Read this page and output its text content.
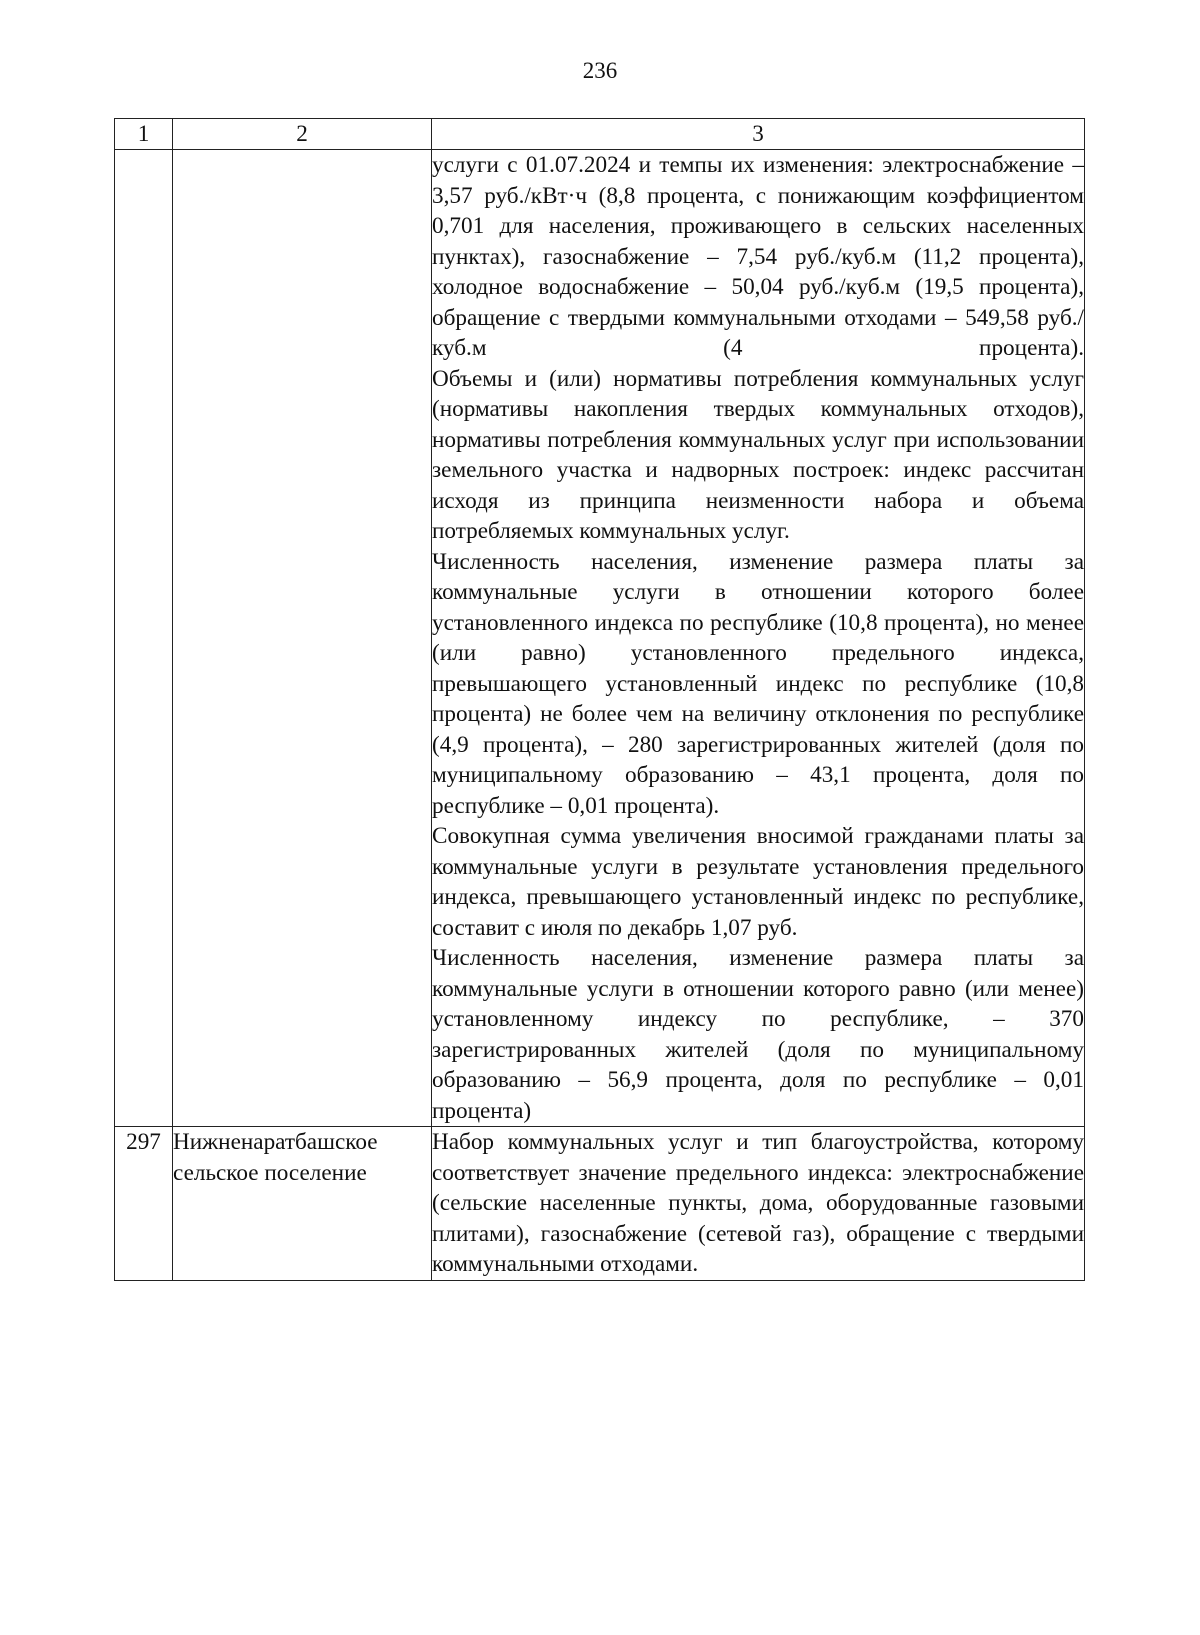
236
1	2	3

		услуги с 01.07.2024 и темпы их изменения: электроснабжение – 3,57 руб./кВт·ч (8,8 процента, с понижающим коэффициентом 0,701 для населения, проживающего в сельских населенных пунктах), газоснабжение – 7,54 руб./куб.м (11,2 процента), холодное водоснабжение – 50,04 руб./куб.м (19,5 процента), обращение с твердыми коммунальными отходами – 549,58 руб./куб.м (4 процента).
Объемы и (или) нормативы потребления коммунальных услуг (нормативы накопления твердых коммунальных отходов), нормативы потребления коммунальных услуг при использовании земельного участка и надворных построек: индекс рассчитан исходя из принципа неизменности набора и объема потребляемых коммунальных услуг.
Численность населения, изменение размера платы за коммунальные услуги в отношении которого более установленного индекса по республике (10,8 процента), но менее (или равно) установленного предельного индекса, превышающего установленный индекс по республике (10,8 процента) не более чем на величину отклонения по республике (4,9 процента), – 280 зарегистрированных жителей (доля по муниципальному образованию – 43,1 процента, доля по республике – 0,01 процента).
Совокупная сумма увеличения вносимой гражданами платы за коммунальные услуги в результате установления предельного индекса, превышающего установленный индекс по республике, составит с июля по декабрь 1,07 руб.
Численность населения, изменение размера платы за коммунальные услуги в отношении которого равно (или менее) установленному индексу по республике, – 370 зарегистрированных жителей (доля по муниципальному образованию – 56,9 процента, доля по республике – 0,01 процента)

297	Нижненаратбашское сельское поселение	Набор коммунальных услуг и тип благоустройства, которому соответствует значение предельного индекса: электроснабжение (сельские населенные пункты, дома, оборудованные газовыми плитами), газоснабжение (сетевой газ), обращение с твердыми коммунальными отходами.
